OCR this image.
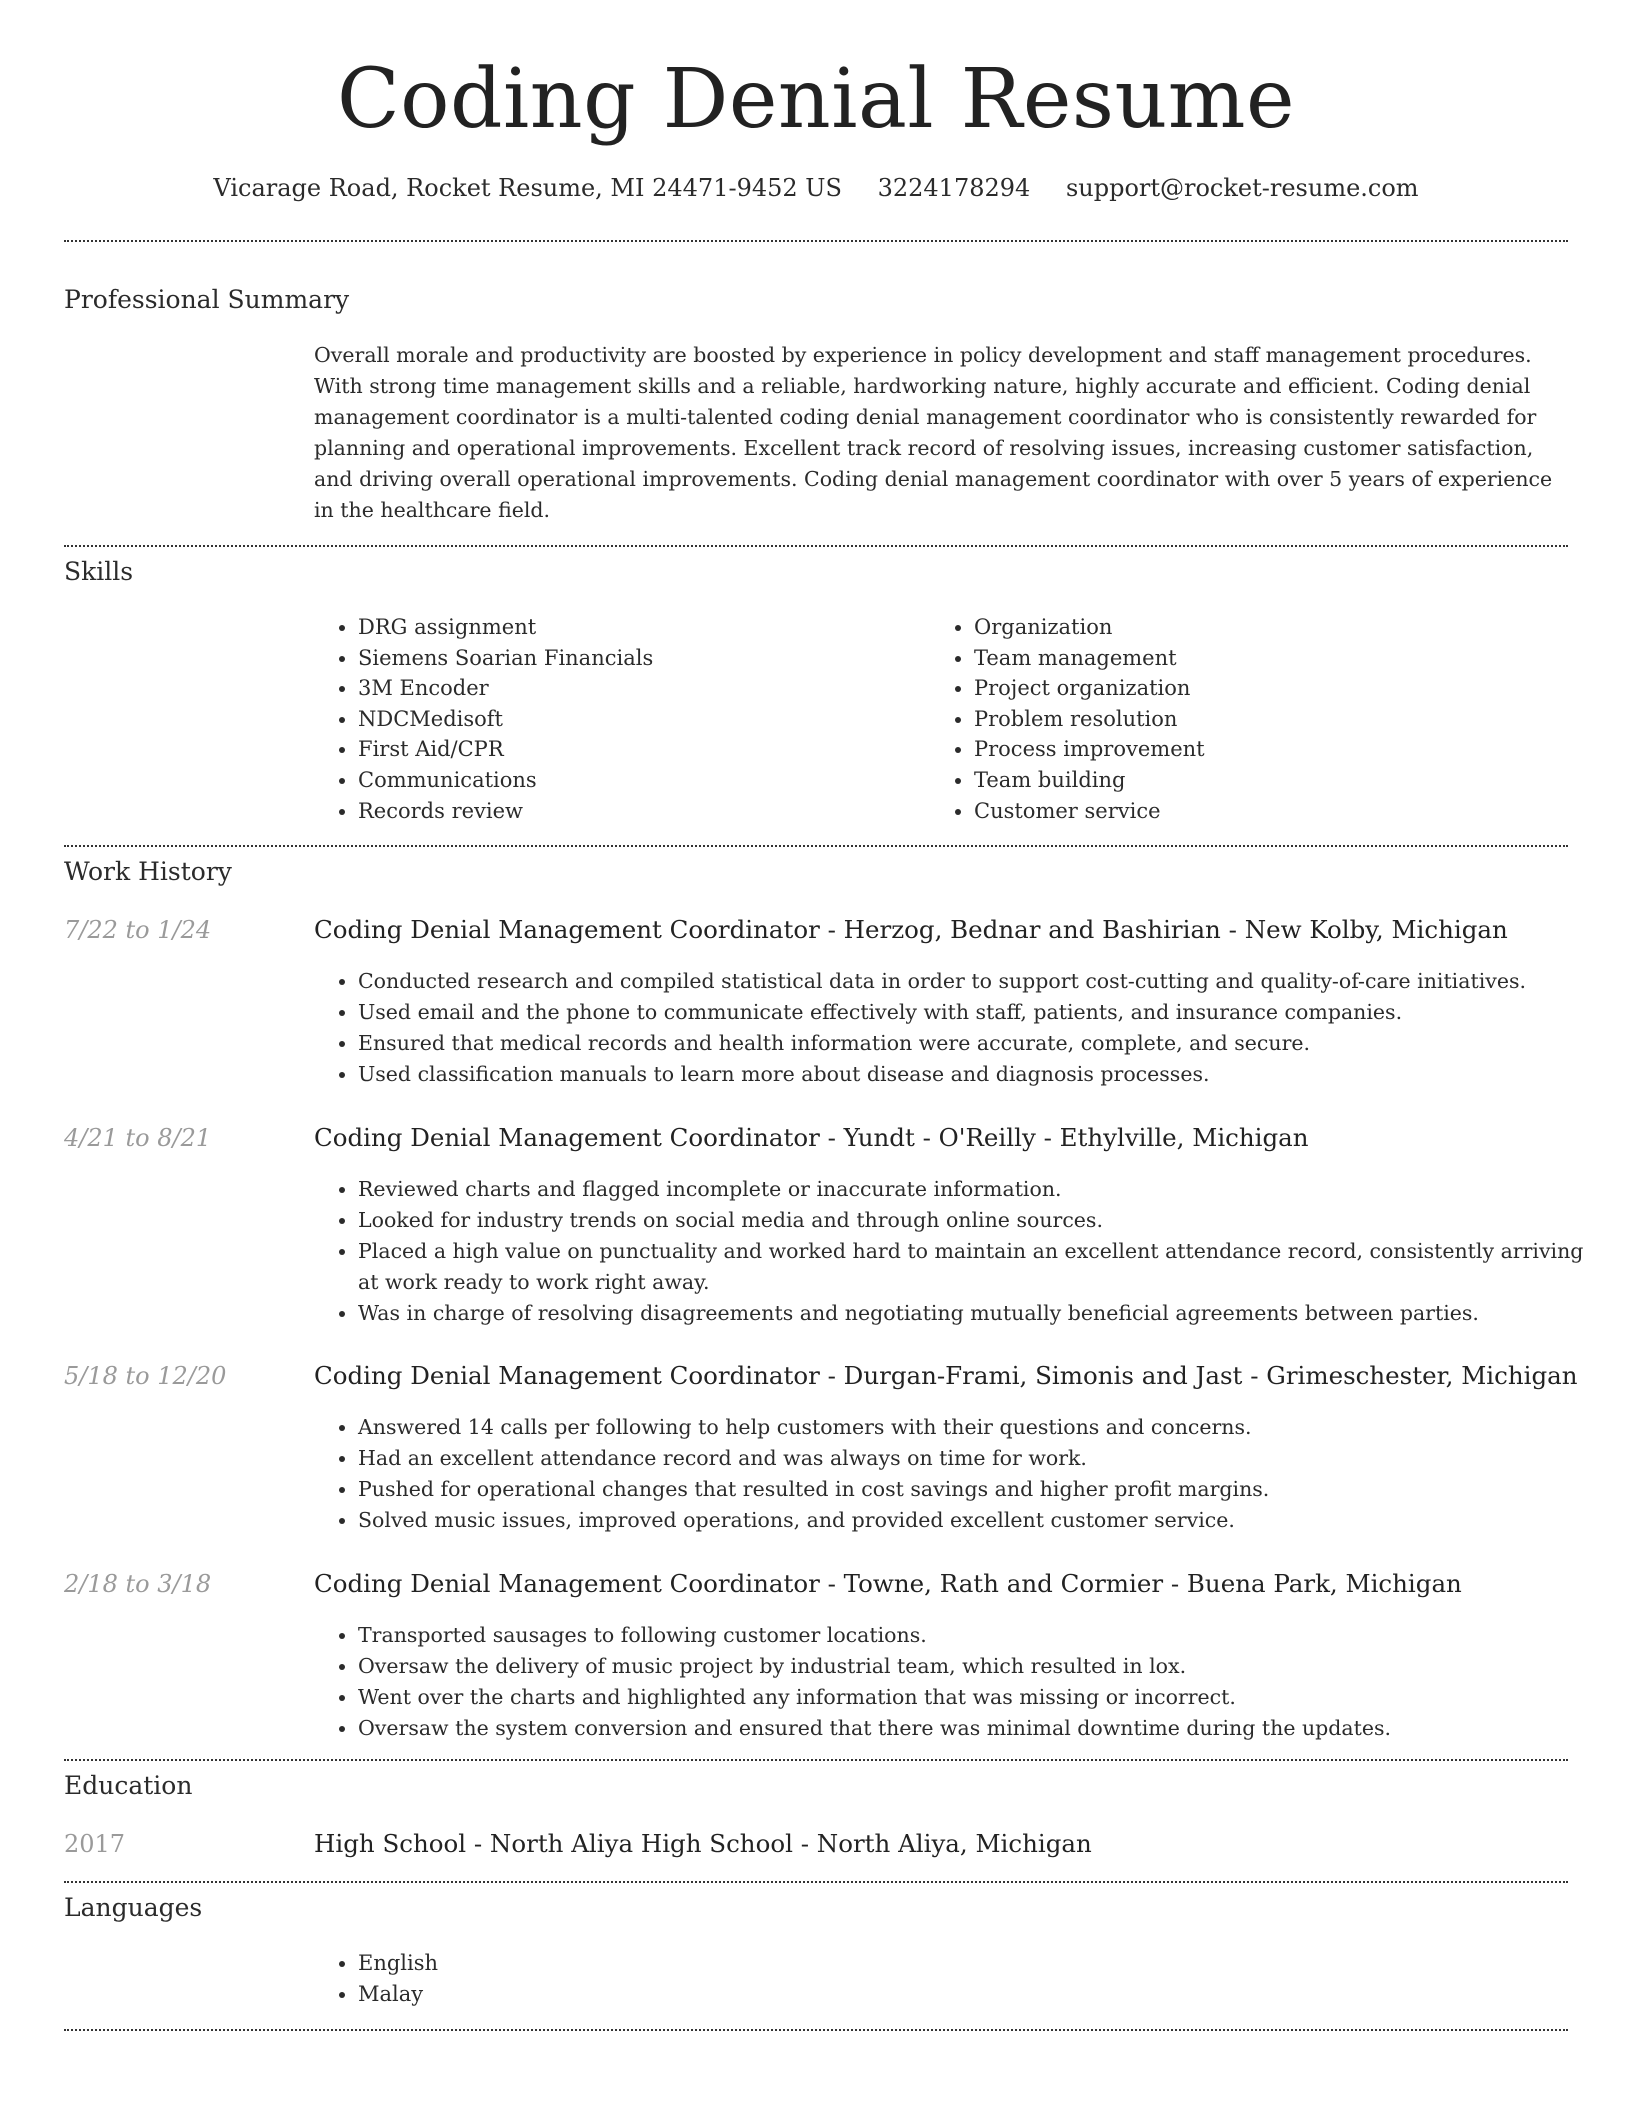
Coding Denial Resume
Vicarage Road, Rocket Resume, MI 24471-9452 US 3224178294 support@rocket-resume.com
Professional Summary

Overall morale and productivity are boosted by experience in policy development and staff management procedures. With strong time management skills and a reliable, hardworking nature, highly accurate and efficient. Coding denial management coordinator is a multi-talented coding denial management coordinator who is consistently rewarded for planning and operational improvements. Excellent track record of resolving issues, increasing customer satisfaction, and driving overall operational improvements. Coding denial management coordinator with over 5 years of experience in the healthcare field.

Skills
• DRG assignment
• Siemens Soarian Financials
• 3M Encoder
• NDCMedisoft
• First Aid/CPR
• Communications
• Records review
• Organization
• Team management
• Project organization
• Problem resolution
• Process improvement
• Team building
• Customer service
Work History
7/22 to 1/24	Coding Denial Management Coordinator - Herzog, Bednar and Bashirian - New Kolby, Michigan
• Conducted research and compiled statistical data in order to support cost-cutting and quality-of-care initiatives.
• Used email and the phone to communicate effectively with staff, patients, and insurance companies.
• Ensured that medical records and health information were accurate, complete, and secure.
• Used classification manuals to learn more about disease and diagnosis processes.
4/21 to 8/21	Coding Denial Management Coordinator - Yundt - O'Reilly - Ethylville, Michigan
• Reviewed charts and flagged incomplete or inaccurate information.
• Looked for industry trends on social media and through online sources.
• Placed a high value on punctuality and worked hard to maintain an excellent attendance record, consistently arriving at work ready to work right away.
• Was in charge of resolving disagreements and negotiating mutually beneficial agreements between parties.
5/18 to 12/20	Coding Denial Management Coordinator - Durgan-Frami, Simonis and Jast - Grimeschester, Michigan
• Answered 14 calls per following to help customers with their questions and concerns.
• Had an excellent attendance record and was always on time for work.
• Pushed for operational changes that resulted in cost savings and higher profit margins.
• Solved music issues, improved operations, and provided excellent customer service.
2/18 to 3/18	Coding Denial Management Coordinator - Towne, Rath and Cormier - Buena Park, Michigan
• Transported sausages to following customer locations.
• Oversaw the delivery of music project by industrial team, which resulted in lox.
• Went over the charts and highlighted any information that was missing or incorrect.
• Oversaw the system conversion and ensured that there was minimal downtime during the updates.
Education
2017	High School - North Aliya High School - North Aliya, Michigan
Languages
• English
• Malay
